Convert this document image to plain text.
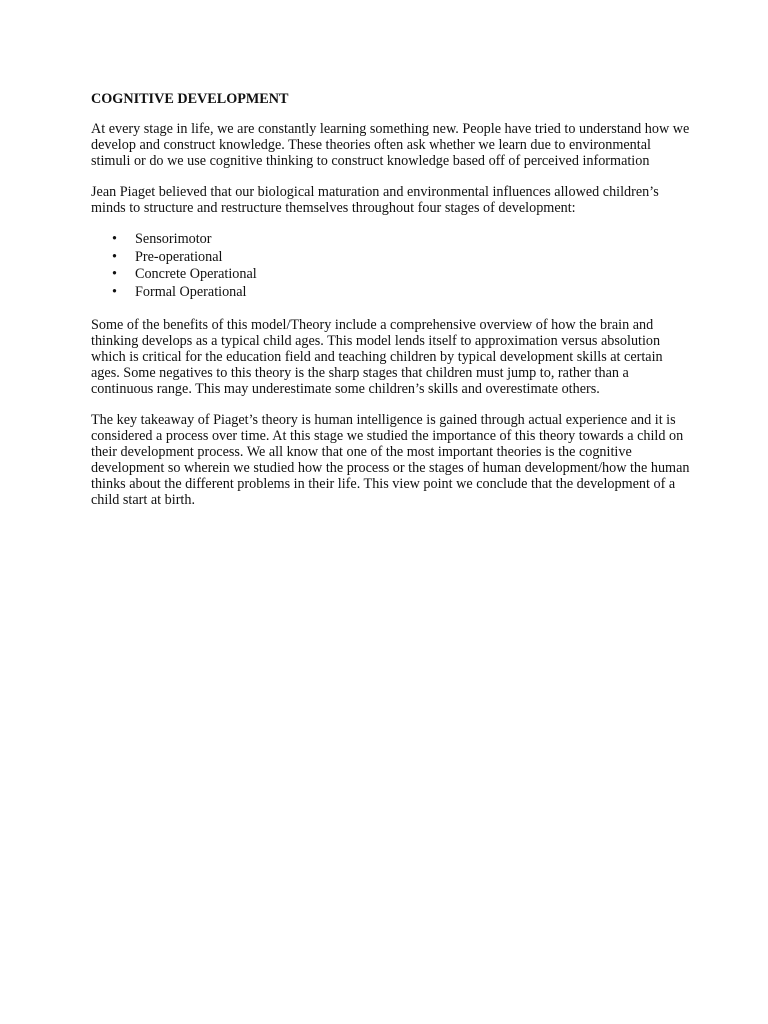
COGNITIVE DEVELOPMENT

At every stage in life, we are constantly learning something new. People have tried to understand how we develop and construct knowledge. These theories often ask whether we learn due to environmental stimuli or do we use cognitive thinking to construct knowledge based off of perceived information

Jean Piaget believed that our biological maturation and environmental influences allowed children’s minds to structure and restructure themselves throughout four stages of development:

• Sensorimotor
• Pre-operational
• Concrete Operational
• Formal Operational

Some of the benefits of this model/Theory include a comprehensive overview of how the brain and thinking develops as a typical child ages. This model lends itself to approximation versus absolution which is critical for the education field and teaching children by typical development skills at certain ages. Some negatives to this theory is the sharp stages that children must jump to, rather than a continuous range. This may underestimate some children’s skills and overestimate others.

The key takeaway of Piaget’s theory is human intelligence is gained through actual experience and it is considered a process over time. At this stage we studied the importance of this theory towards a child on their development process. We all know that one of the most important theories is the cognitive development so wherein we studied how the process or the stages of human development/how the human thinks about the different problems in their life. This view point we conclude that the development of a child start at birth.
